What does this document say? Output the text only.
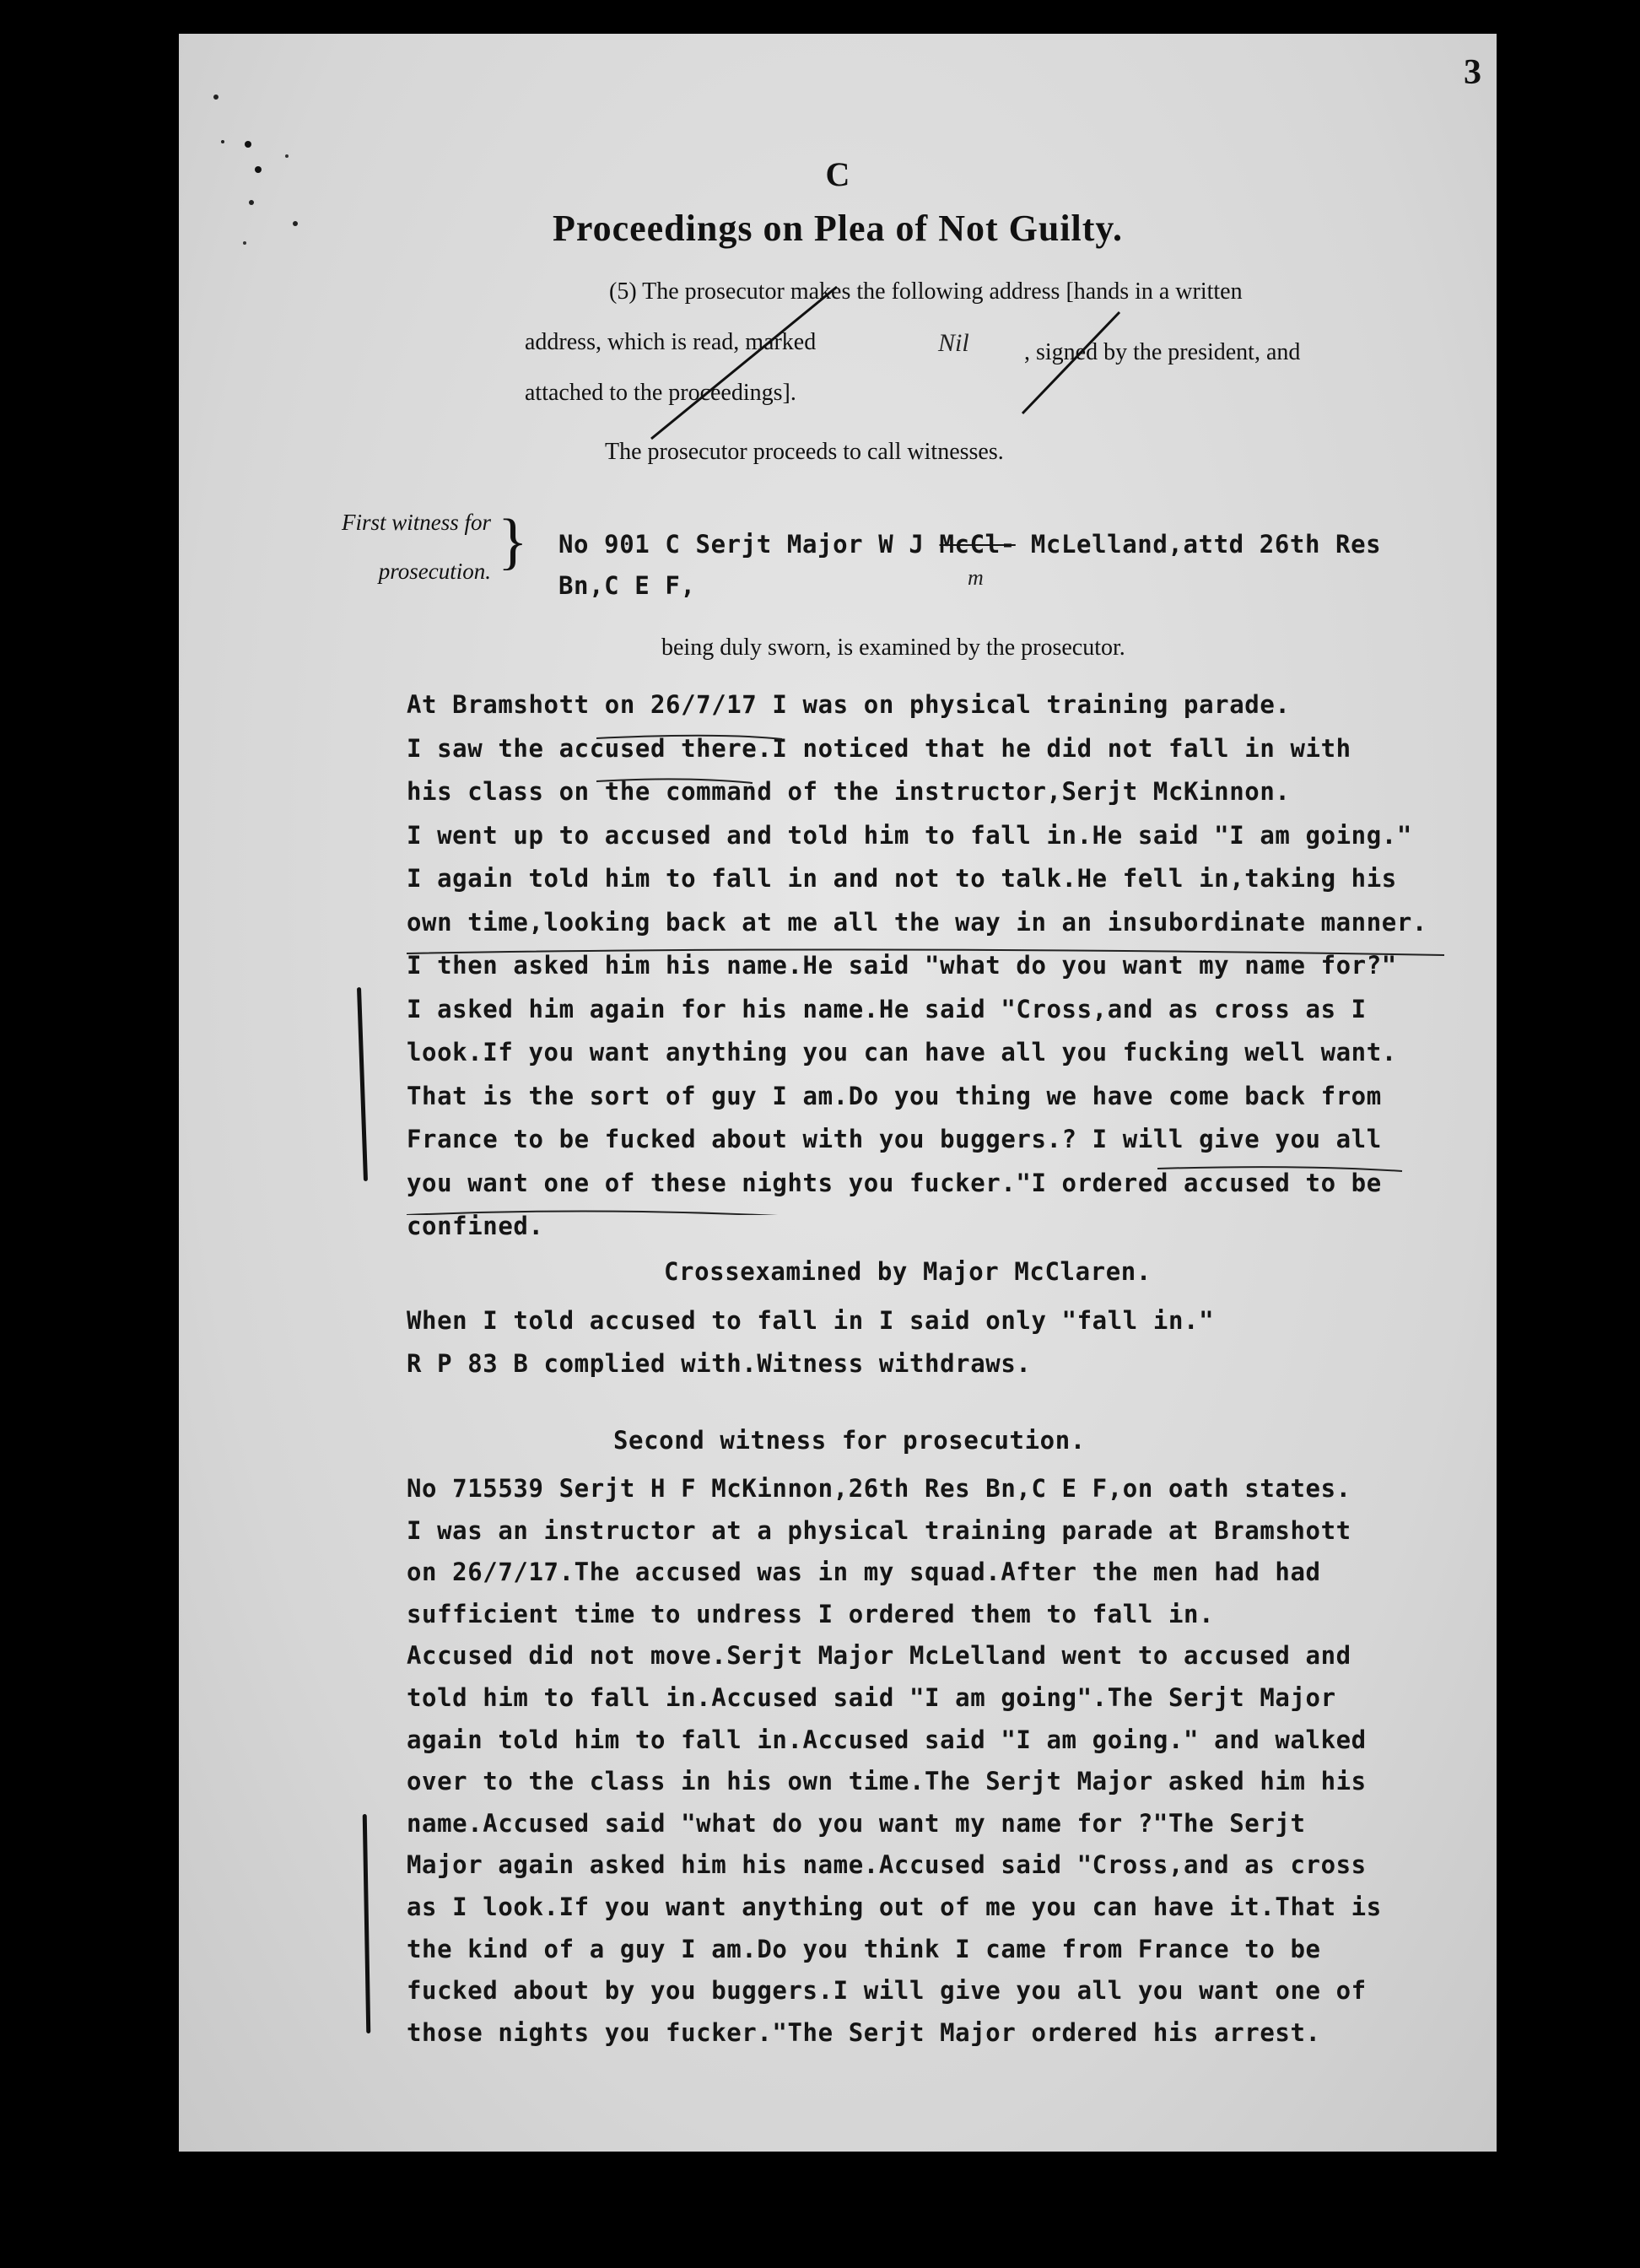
3
C
Proceedings on Plea of Not Guilty.
(5) The prosecutor makes the following address [hands in a written
address, which is read, marked	Nil , signed by the president, and
attached to the proceedings].
The prosecutor proceeds to call witnesses.
First witness for
prosecution. } No 901 C Serjt Major W J McCl- McLelland,attd 26th Res
m
Bn,C E F,
being duly sworn, is examined by the prosecutor.
At Bramshott on 26/7/17 I was on physical training parade.
I saw the accused there.I noticed that he did not fall in with
his class on the command of the instructor,Serjt McKinnon.
I went up to accused and told him to fall in.He said "I am going."
I again told him to fall in and not to talk.He fell in,taking his
own time,looking back at me all the way in an insubordinate manner.
I then asked him his name.He said "what do you want my name for?"
I asked him again for his name.He said "Cross,and as cross as I
look.If you want anything you can have all you fucking well want.
That is the sort of guy I am.Do you thing we have come back from
France to be fucked about with you buggers.? I will give you all
you want one of these nights you fucker."I ordered accused to be
confined.
Crossexamined by Major McClaren.
When I told accused to fall in I said only "fall in."
R P 83 B complied with.Witness withdraws.
Second witness for prosecution.
No 715539 Serjt H F McKinnon,26th Res Bn,C E F,on oath states.
I was an instructor at a physical training parade at Bramshott
on 26/7/17.The accused was in my squad.After the men had had
sufficient time to undress I ordered them to fall in.
Accused did not move.Serjt Major McLelland went to accused and
told him to fall in.Accused said "I am going".The Serjt Major
again told him to fall in.Accused said "I am going." and walked
over to the class in his own time.The Serjt Major asked him his
name.Accused said "what do you want my name for ?"The Serjt
Major again asked him his name.Accused said "Cross,and as cross
as I look.If you want anything out of me you can have it.That is
the kind of a guy I am.Do you think I came from France to be
fucked about by you buggers.I will give you all you want one of
those nights you fucker."The Serjt Major ordered his arrest.
